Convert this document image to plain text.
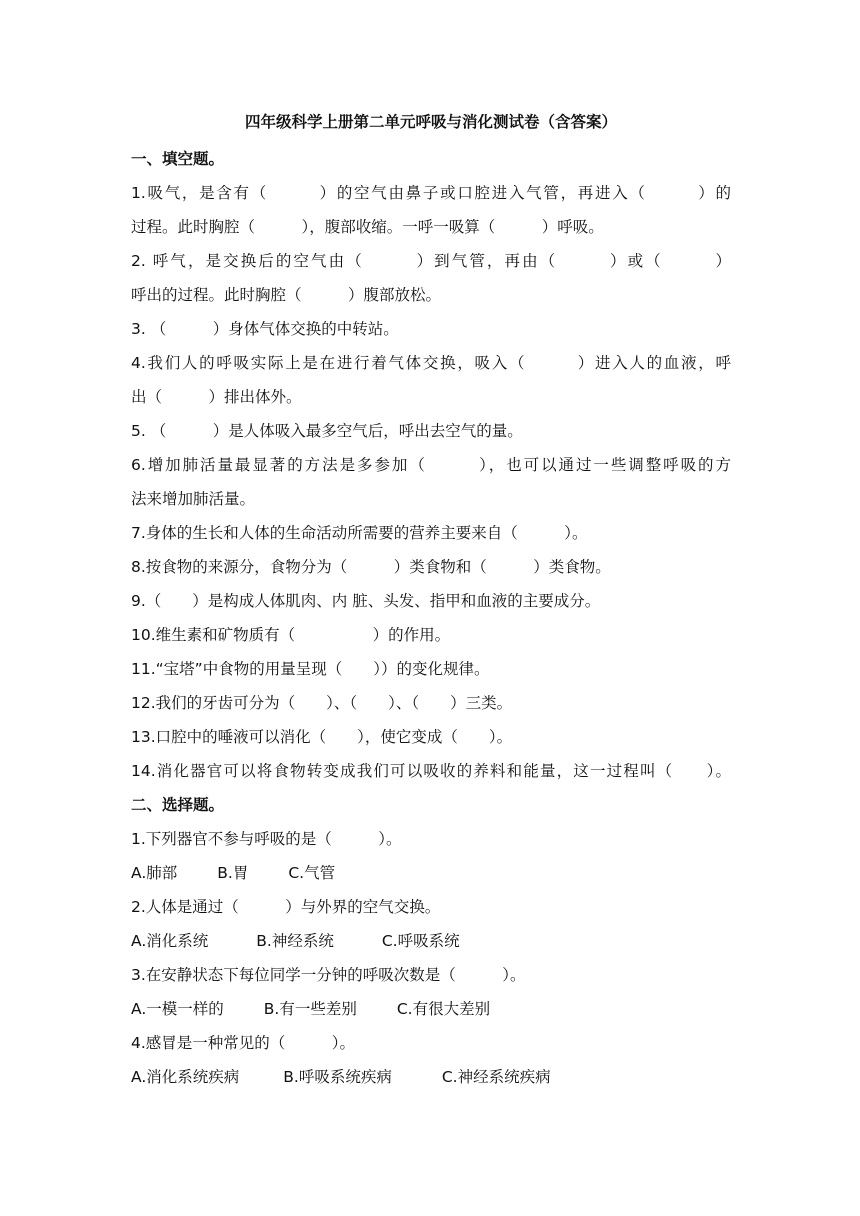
四年级科学上册第二单元呼吸与消化测试卷（含答案）
一、填空题。
1.吸气，是含有（　　　）的空气由鼻子或口腔进入气管，再进入（　　　）的
过程。此时胸腔（　　　），腹部收缩。一呼一吸算（　　　）呼吸。
2. 呼气，是交换后的空气由（　　　）到气管，再由（　　　）或（　　　）
呼出的过程。此时胸腔（　　　）腹部放松。
3. （　　　）身体气体交换的中转站。
4.我们人的呼吸实际上是在进行着气体交换，吸入（　　　）进入人的血液，呼
出（　　　）排出体外。
5. （　　　）是人体吸入最多空气后，呼出去空气的量。
6.增加肺活量最显著的方法是多参加（　　　），也可以通过一些调整呼吸的方
法来增加肺活量。
7.身体的生长和人体的生命活动所需要的营养主要来自（　　　）。
8.按食物的来源分，食物分为（　　　）类食物和（　　　）类食物。
9.（　　）是构成人体肌肉、内 脏、头发、指甲和血液的主要成分。
10.维生素和矿物质有（　　　　　）的作用。
11.“宝塔”中食物的用量呈现（　　））的变化规律。
12.我们的牙齿可分为（　　）、（　　）、（　　）三类。
13.口腔中的唾液可以消化（　　），使它变成（　　）。
14.消化器官可以将食物转变成我们可以吸收的养料和能量，这一过程叫（　　）。
二、选择题。
1.下列器官不参与呼吸的是（　　　）。
A.肺部	B.胃	C.气管
2.人体是通过（　　　）与外界的空气交换。
A.消化系统	B.神经系统	C.呼吸系统
3.在安静状态下每位同学一分钟的呼吸次数是（　　　）。
A.一模一样的	B.有一些差别	C.有很大差别
4.感冒是一种常见的（　　　）。
A.消化系统疾病	B.呼吸系统疾病	C.神经系统疾病
